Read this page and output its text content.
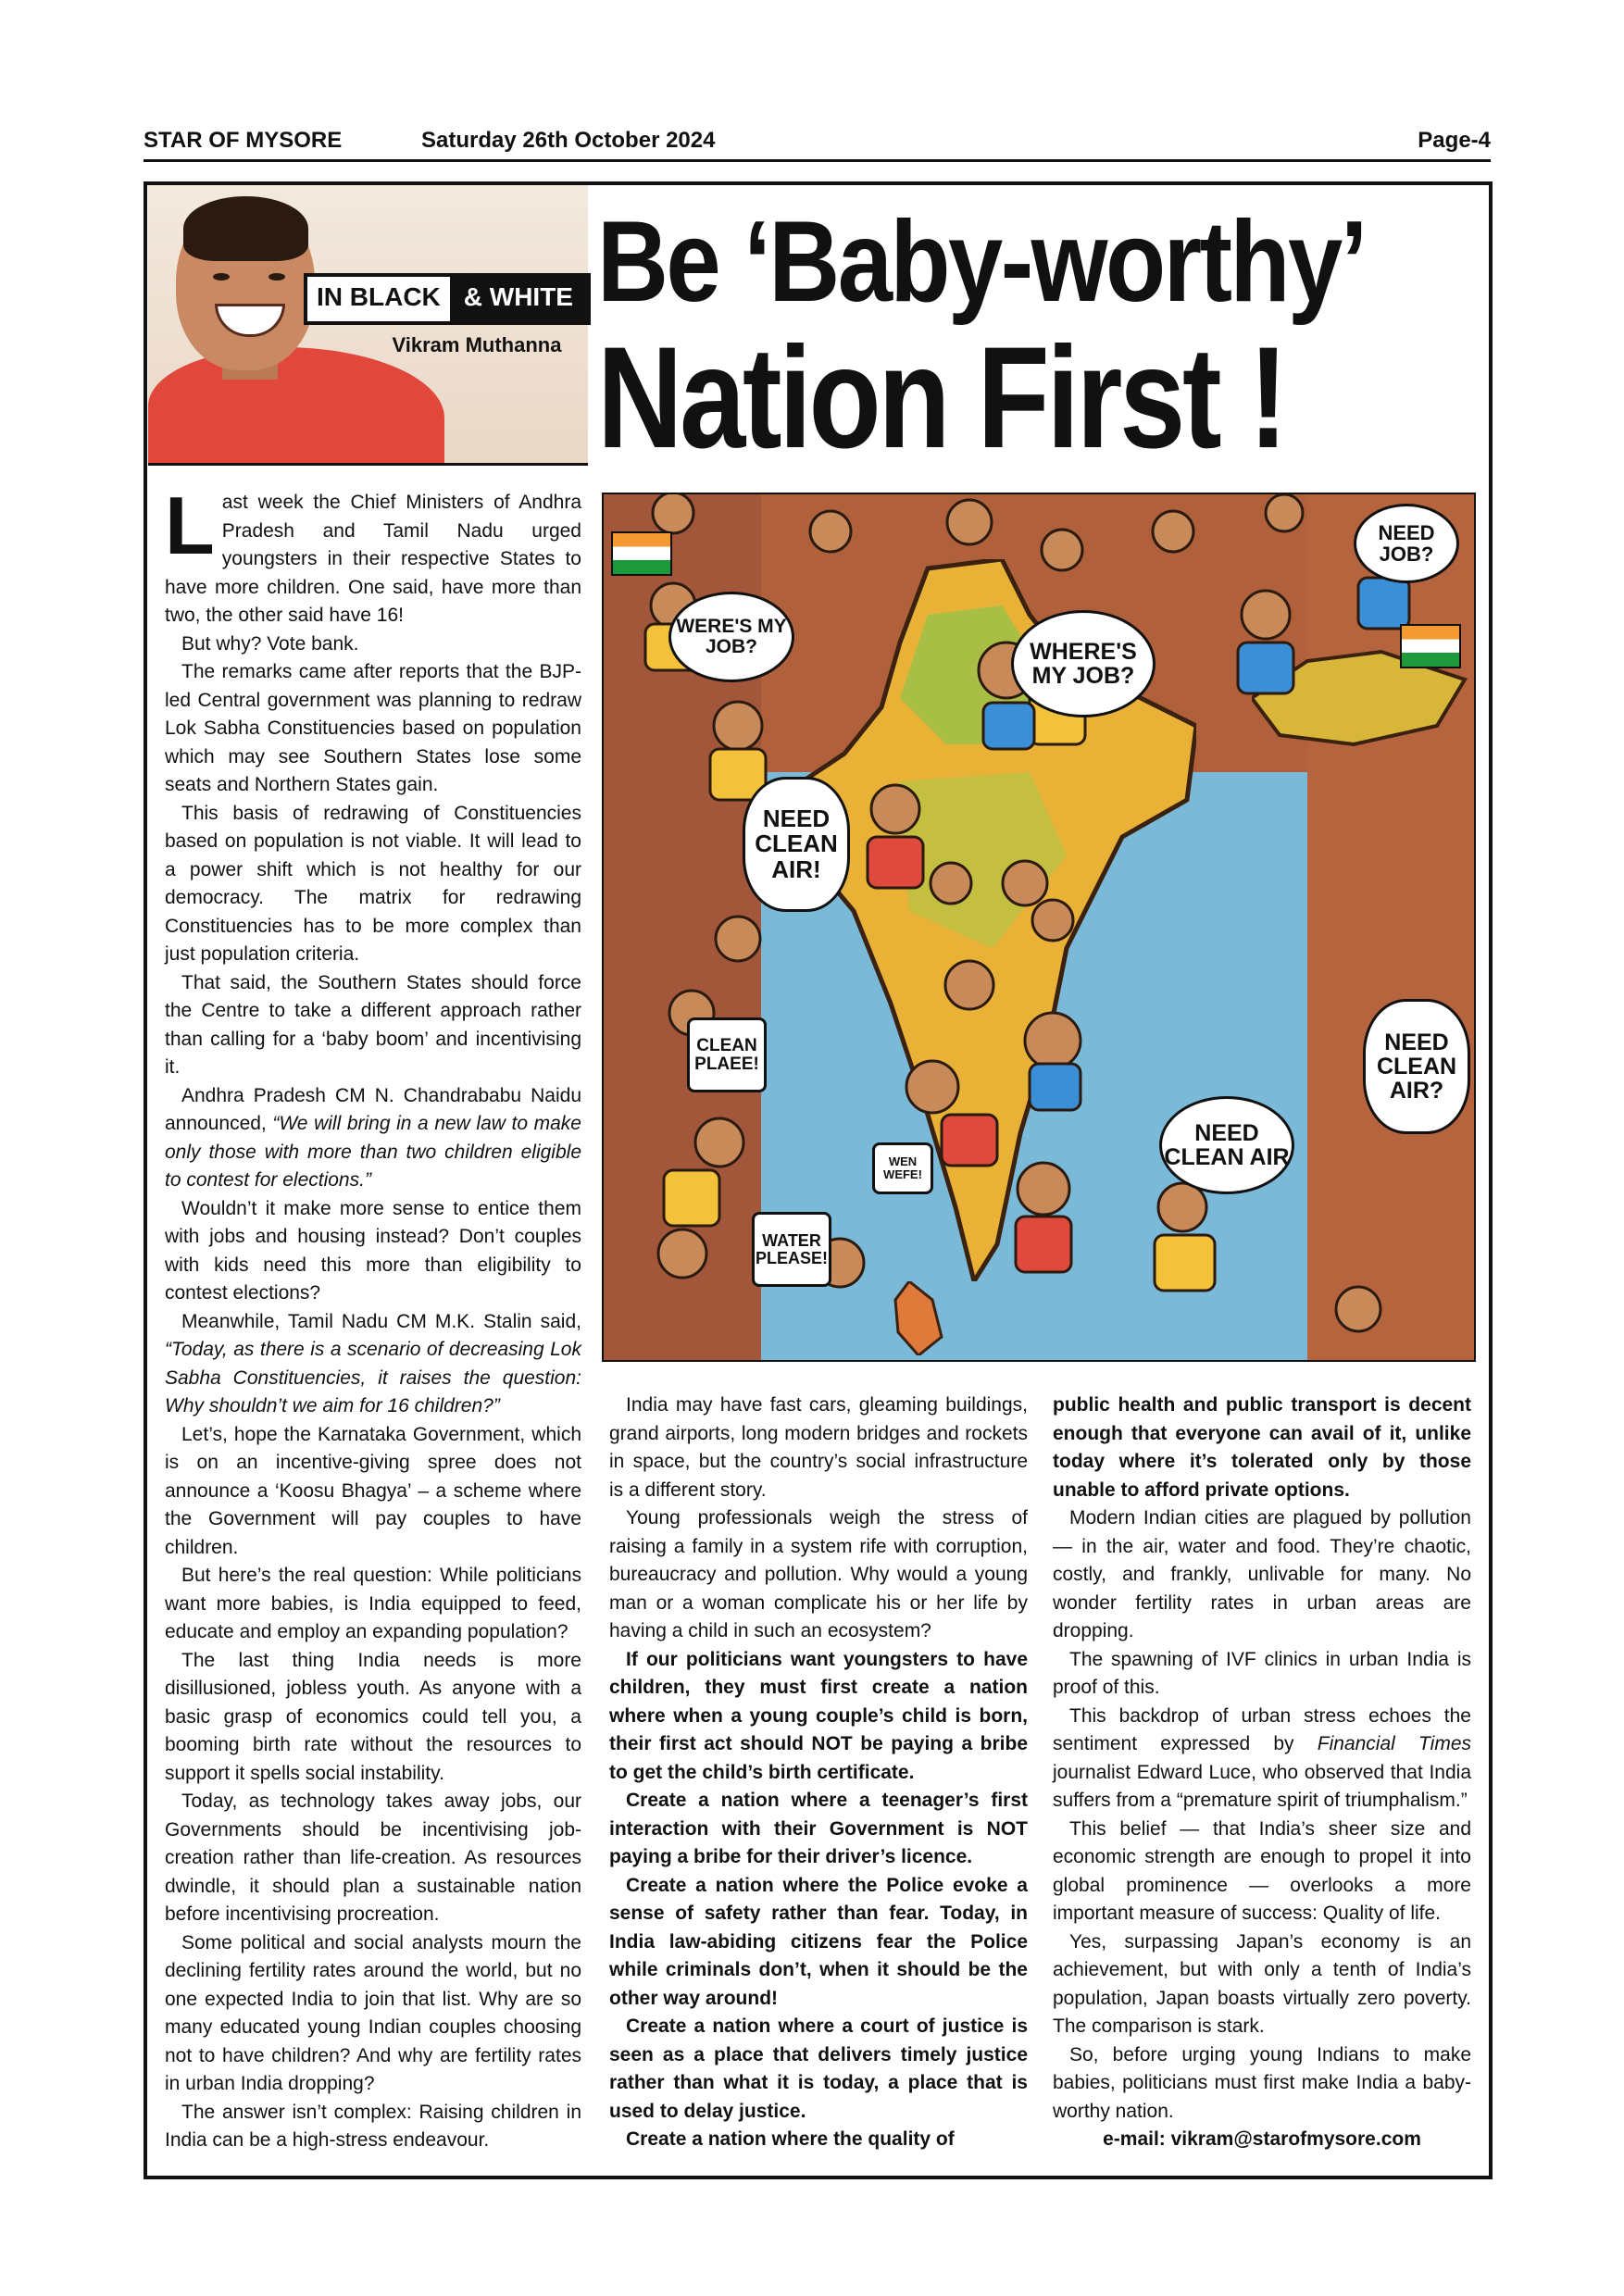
STAR OF MYSORE	Saturday 26th October 2024	Page-4
IN BLACK & WHITE
Vikram Muthanna
Be ‘Baby-worthy’
Nation First !
NEED JOB?
WERE'S MY JOB?	WHERE'S MY JOB?
NEED CLEAN AIR!
CLEAN PLAEE!
NEED CLEAN AIR?
NEED CLEAN AIR
WATER PLEASE!
WEN WEFE!

Last week the Chief Ministers of Andhra Pradesh and Tamil Nadu urged youngsters in their respective States to have more children. One said, have more than two, the other said have 16!

But why? Vote bank.

The remarks came after reports that the BJP-led Central government was planning to redraw Lok Sabha Constituencies based on population which may see Southern States lose some seats and Northern States gain.

This basis of redrawing of Constituencies based on population is not viable. It will lead to a power shift which is not healthy for our democracy. The matrix for redrawing Constituencies has to be more complex than just population criteria.

That said, the Southern States should force the Centre to take a different approach rather than calling for a ‘baby boom’ and incentivising it.

Andhra Pradesh CM N. Chandrababu Naidu announced, “We will bring in a new law to make only those with more than two children eligible to contest for elections.”

Wouldn’t it make more sense to entice them with jobs and housing instead? Don’t couples with kids need this more than eligibility to contest elections?

Meanwhile, Tamil Nadu CM M.K. Stalin said, “Today, as there is a scenario of decreasing Lok Sabha Constituencies, it raises the question: Why shouldn’t we aim for 16 children?”

Let’s, hope the Karnataka Government, which is on an incentive-giving spree does not announce a ‘Koosu Bhagya’ – a scheme where the Government will pay couples to have children.

But here’s the real question: While politicians want more babies, is India equipped to feed, educate and employ an expanding population?

The last thing India needs is more disillusioned, jobless youth. As anyone with a basic grasp of economics could tell you, a booming birth rate without the resources to support it spells social instability.

Today, as technology takes away jobs, our Governments should be incentivising job-creation rather than life-creation. As resources dwindle, it should plan a sustainable nation before incentivising procreation.

Some political and social analysts mourn the declining fertility rates around the world, but no one expected India to join that list. Why are so many educated young Indian couples choosing not to have children? And why are fertility rates in urban India dropping?

The answer isn’t complex: Raising children in India can be a high-stress endeavour.

India may have fast cars, gleaming buildings, grand airports, long modern bridges and rockets in space, but the country’s social infrastructure is a different story.

Young professionals weigh the stress of raising a family in a system rife with corruption, bureaucracy and pollution. Why would a young man or a woman complicate his or her life by having a child in such an ecosystem?

If our politicians want youngsters to have children, they must first create a nation where when a young couple’s child is born, their first act should NOT be paying a bribe to get the child’s birth certificate.

Create a nation where a teenager’s first interaction with their Government is NOT paying a bribe for their driver’s licence.

Create a nation where the Police evoke a sense of safety rather than fear. Today, in India law-abiding citizens fear the Police while criminals don’t, when it should be the other way around!

Create a nation where a court of justice is seen as a place that delivers timely justice rather than what it is today, a place that is used to delay justice.

Create a nation where the quality of

public health and public transport is decent enough that everyone can avail of it, unlike today where it’s tolerated only by those unable to afford private options.

Modern Indian cities are plagued by pollution — in the air, water and food. They’re chaotic, costly, and frankly, unlivable for many. No wonder fertility rates in urban areas are dropping.

The spawning of IVF clinics in urban India is proof of this.

This backdrop of urban stress echoes the sentiment expressed by Financial Times journalist Edward Luce, who observed that India suffers from a “premature spirit of triumphalism.”

This belief — that India’s sheer size and economic strength are enough to propel it into global prominence — overlooks a more important measure of success: Quality of life.

Yes, surpassing Japan’s economy is an achievement, but with only a tenth of India’s population, Japan boasts virtually zero poverty. The comparison is stark.

So, before urging young Indians to make babies, politicians must first make India a baby-worthy nation.

e-mail: vikram@starofmysore.com
